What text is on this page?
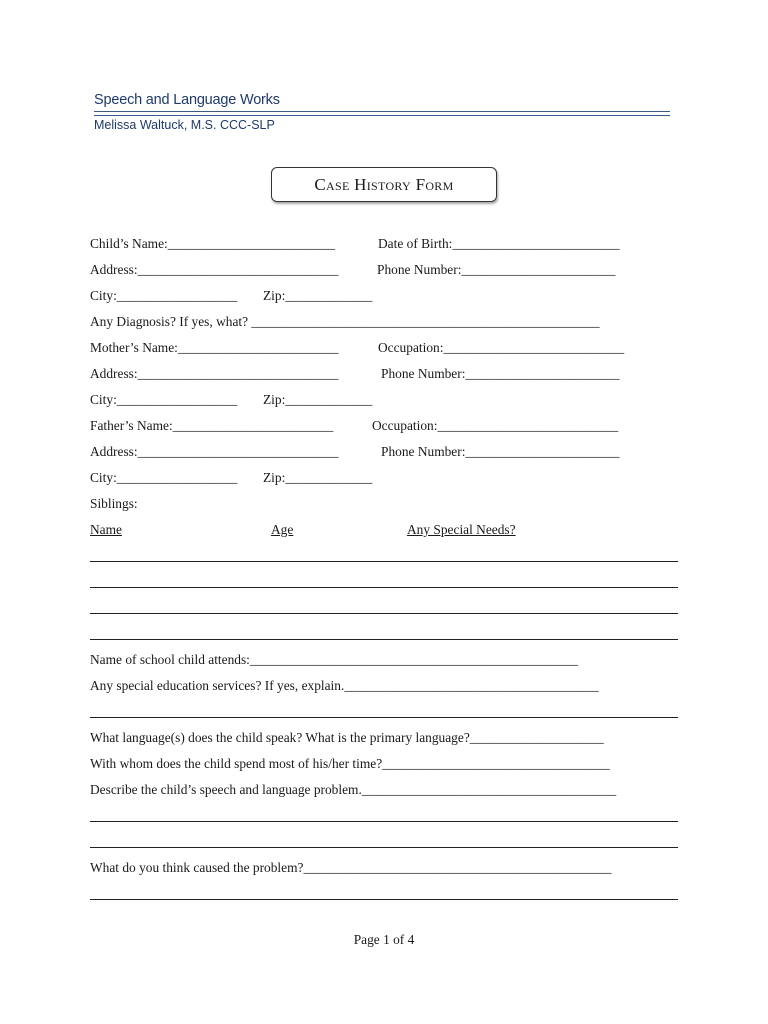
Speech and Language Works
Melissa Waltuck, M.S. CCC-SLP
Case History Form
Child’s Name:_________________________	Date of Birth:_________________________
Address:______________________________	Phone Number:_______________________
City:__________________ Zip:_____________
Any Diagnosis? If yes, what? ____________________________________________________
Mother’s Name:________________________	Occupation:___________________________
Address:______________________________	Phone Number:_______________________
City:__________________ Zip:_____________
Father’s Name:________________________	Occupation:___________________________
Address:______________________________	Phone Number:_______________________
City:__________________ Zip:_____________
Siblings:
Name	Age	Any Special Needs?
Name of school child attends:_________________________________________________
Any special education services? If yes, explain.______________________________________
What language(s) does the child speak? What is the primary language?____________________
With whom does the child spend most of his/her time?__________________________________
Describe the child’s speech and language problem.______________________________________
What do you think caused the problem?______________________________________________
Page 1 of 4
